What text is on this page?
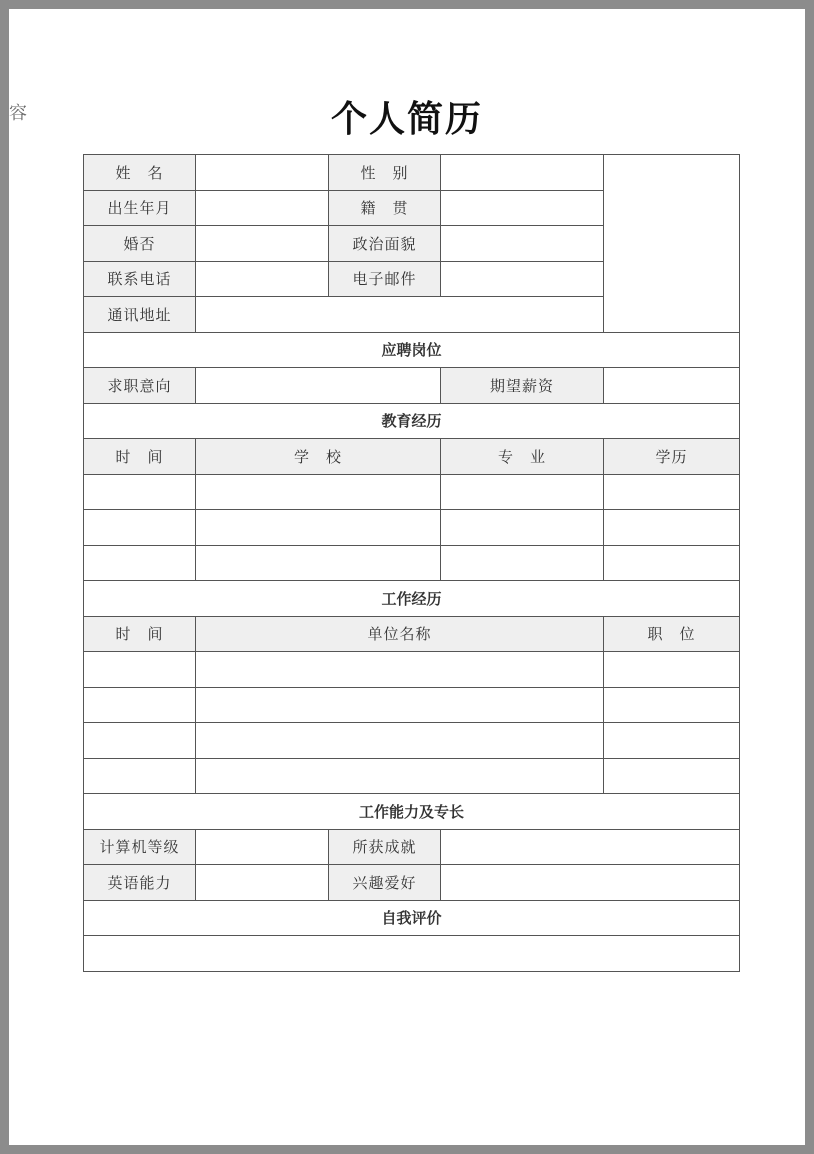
容	个人简历
姓　名		性　别		
出生年月		籍　贯		
婚否		政治面貌		
联系电话		电子邮件		
通讯地址				
应聘岗位				
求职意向			期望薪资	
教育经历				
时　间	学　校		专　业	学历

工作经历				
时　间	单位名称			职　位

工作能力及专长				
计算机等级		所获成就		
英语能力		兴趣爱好		
自我评价				
